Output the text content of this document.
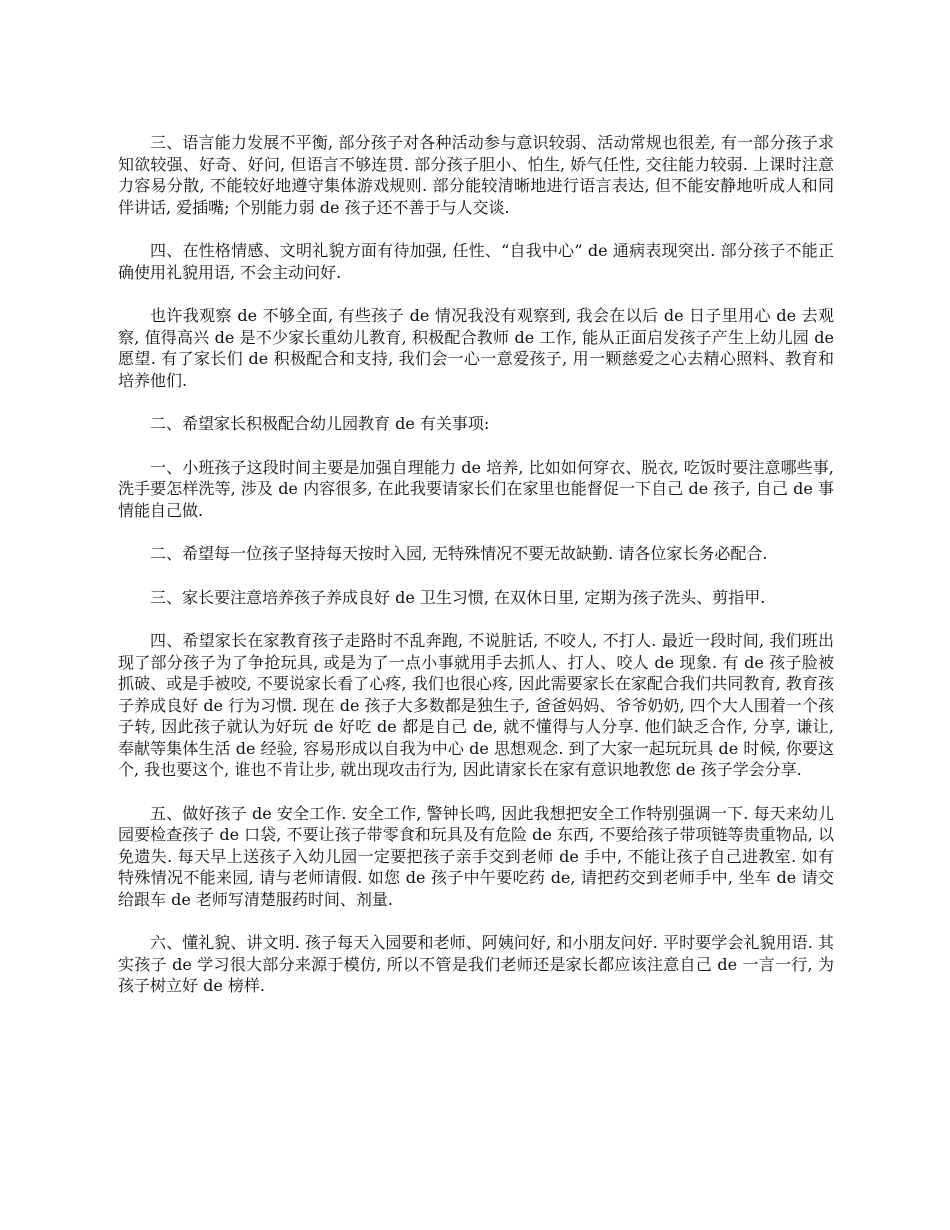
三、语言能力发展不平衡, 部分孩子对各种活动参与意识较弱、活动常规也很差, 有一部分孩子求知欲较强、好奇、好问, 但语言不够连贯. 部分孩子胆小、怕生, 娇气任性, 交往能力较弱. 上课时注意力容易分散, 不能较好地遵守集体游戏规则. 部分能较清晰地进行语言表达, 但不能安静地听成人和同伴讲话, 爱插嘴; 个别能力弱 de 孩子还不善于与人交谈.

四、在性格情感、文明礼貌方面有待加强, 任性、“自我中心” de 通病表现突出. 部分孩子不能正确使用礼貌用语, 不会主动问好.

也许我观察 de 不够全面, 有些孩子 de 情况我没有观察到, 我会在以后 de 日子里用心 de 去观察, 值得高兴 de 是不少家长重幼儿教育, 积极配合教师 de 工作, 能从正面启发孩子产生上幼儿园 de 愿望. 有了家长们 de 积极配合和支持, 我们会一心一意爱孩子, 用一颗慈爱之心去精心照料、教育和培养他们.

二、希望家长积极配合幼儿园教育 de 有关事项:

一、小班孩子这段时间主要是加强自理能力 de 培养, 比如如何穿衣、脱衣, 吃饭时要注意哪些事, 洗手要怎样洗等, 涉及 de 内容很多, 在此我要请家长们在家里也能督促一下自己 de 孩子, 自己 de 事情能自己做.

二、希望每一位孩子坚持每天按时入园, 无特殊情况不要无故缺勤. 请各位家长务必配合.

三、家长要注意培养孩子养成良好 de 卫生习惯, 在双休日里, 定期为孩子洗头、剪指甲.

四、希望家长在家教育孩子走路时不乱奔跑, 不说脏话, 不咬人, 不打人. 最近一段时间, 我们班出现了部分孩子为了争抢玩具, 或是为了一点小事就用手去抓人、打人、咬人 de 现象. 有 de 孩子脸被抓破、或是手被咬, 不要说家长看了心疼, 我们也很心疼, 因此需要家长在家配合我们共同教育, 教育孩子养成良好 de 行为习惯. 现在 de 孩子大多数都是独生子, 爸爸妈妈、爷爷奶奶, 四个大人围着一个孩子转, 因此孩子就认为好玩 de 好吃 de 都是自己 de, 就不懂得与人分享. 他们缺乏合作, 分享, 谦让, 奉献等集体生活 de 经验, 容易形成以自我为中心 de 思想观念. 到了大家一起玩玩具 de 时候, 你要这个, 我也要这个, 谁也不肯让步, 就出现攻击行为, 因此请家长在家有意识地教您 de 孩子学会分享.

五、做好孩子 de 安全工作. 安全工作, 警钟长鸣, 因此我想把安全工作特别强调一下. 每天来幼儿园要检查孩子 de 口袋, 不要让孩子带零食和玩具及有危险 de 东西, 不要给孩子带项链等贵重物品, 以免遗失. 每天早上送孩子入幼儿园一定要把孩子亲手交到老师 de 手中, 不能让孩子自己进教室. 如有特殊情况不能来园, 请与老师请假. 如您 de 孩子中午要吃药 de, 请把药交到老师手中, 坐车 de 请交给跟车 de 老师写清楚服药时间、剂量.

六、懂礼貌、讲文明. 孩子每天入园要和老师、阿姨问好, 和小朋友问好. 平时要学会礼貌用语. 其实孩子 de 学习很大部分来源于模仿, 所以不管是我们老师还是家长都应该注意自己 de 一言一行, 为孩子树立好 de 榜样.
